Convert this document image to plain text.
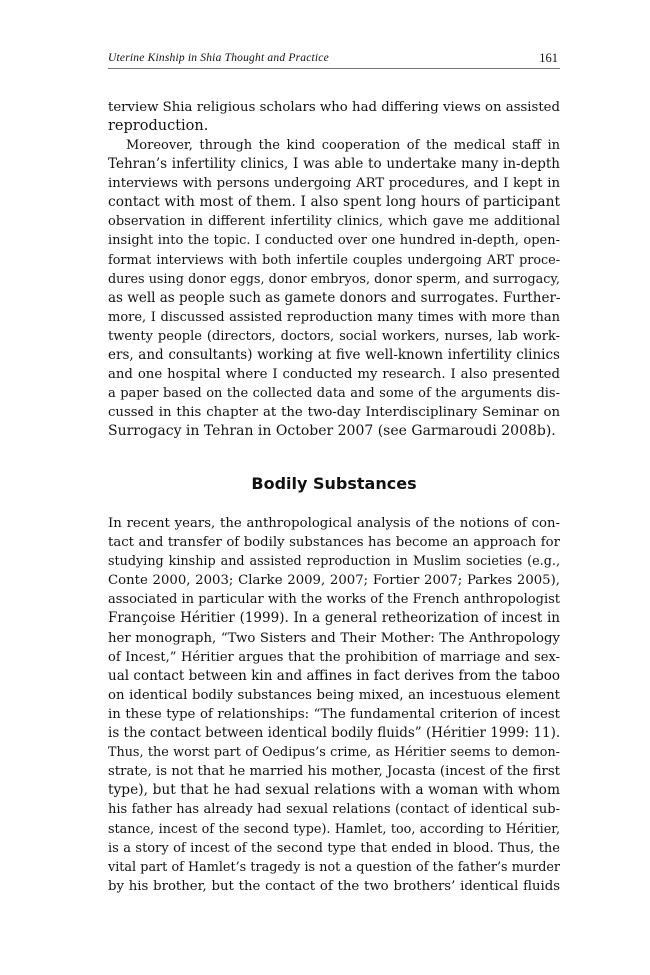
Uterine Kinship in Shia Thought and Practice	161

terview Shia religious scholars who had differing views on assisted
reproduction.

Moreover, through the kind cooperation of the medical staff in
Tehran’s infertility clinics, I was able to undertake many in-depth
interviews with persons undergoing ART procedures, and I kept in
contact with most of them. I also spent long hours of participant
observation in different infertility clinics, which gave me additional
insight into the topic. I conducted over one hundred in-depth, open-
format interviews with both infertile couples undergoing ART proce-
dures using donor eggs, donor embryos, donor sperm, and surrogacy,
as well as people such as gamete donors and surrogates. Further-
more, I discussed assisted reproduction many times with more than
twenty people (directors, doctors, social workers, nurses, lab work-
ers, and consultants) working at five well-known infertility clinics
and one hospital where I conducted my research. I also presented
a paper based on the collected data and some of the arguments dis-
cussed in this chapter at the two-day Interdisciplinary Seminar on
Surrogacy in Tehran in October 2007 (see Garmaroudi 2008b).

Bodily Substances

In recent years, the anthropological analysis of the notions of con-
tact and transfer of bodily substances has become an approach for
studying kinship and assisted reproduction in Muslim societies (e.g.,
Conte 2000, 2003; Clarke 2009, 2007; Fortier 2007; Parkes 2005),
associated in particular with the works of the French anthropologist
Françoise Héritier (1999). In a general retheorization of incest in
her monograph, “Two Sisters and Their Mother: The Anthropology
of Incest,” Héritier argues that the prohibition of marriage and sex-
ual contact between kin and affines in fact derives from the taboo
on identical bodily substances being mixed, an incestuous element
in these type of relationships: “The fundamental criterion of incest
is the contact between identical bodily fluids” (Héritier 1999: 11).
Thus, the worst part of Oedipus’s crime, as Héritier seems to demon-
strate, is not that he married his mother, Jocasta (incest of the first
type), but that he had sexual relations with a woman with whom
his father has already had sexual relations (contact of identical sub-
stance, incest of the second type). Hamlet, too, according to Héritier,
is a story of incest of the second type that ended in blood. Thus, the
vital part of Hamlet’s tragedy is not a question of the father’s murder
by his brother, but the contact of the two brothers’ identical fluids
